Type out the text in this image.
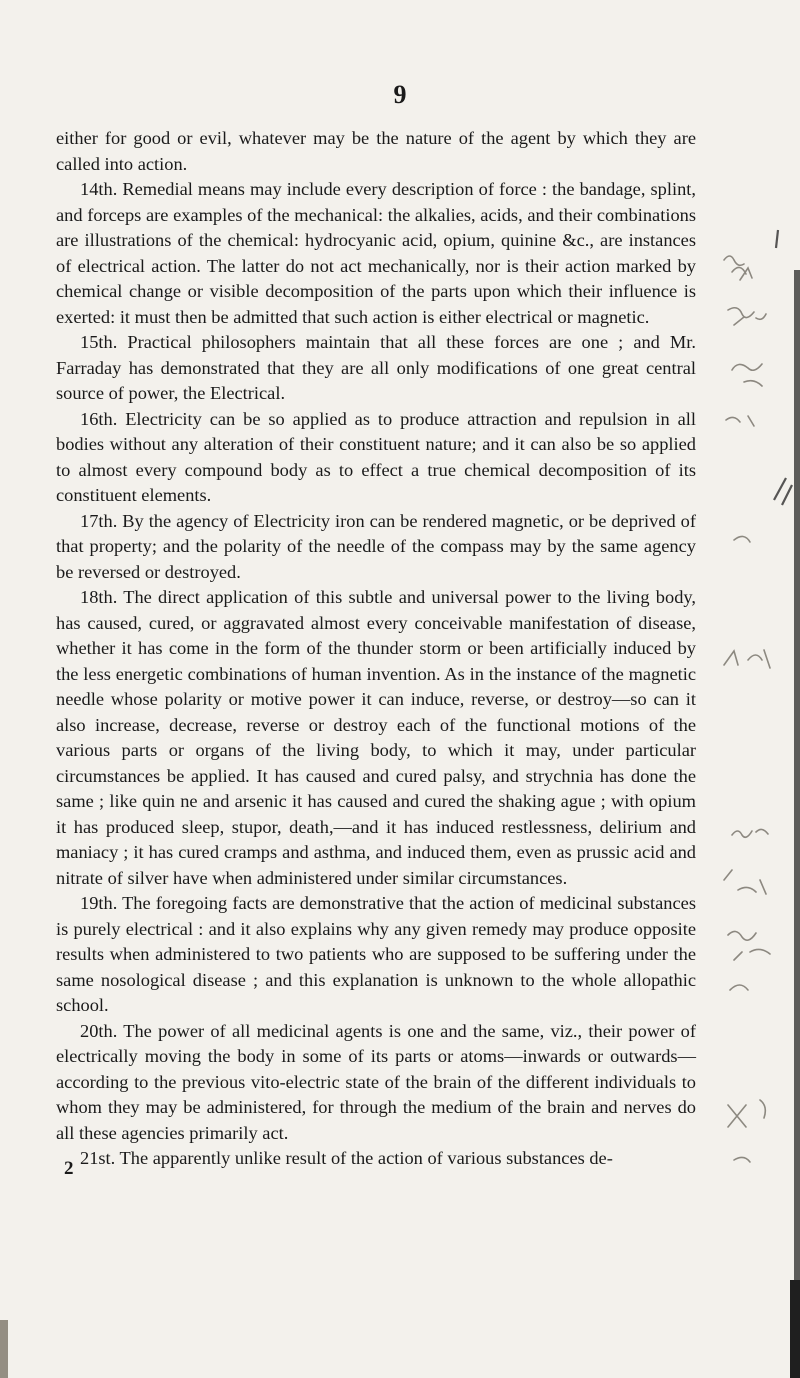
9

either for good or evil, whatever may be the nature of the agent by which they are called into action.

14th. Remedial means may include every description of force : the bandage, splint, and forceps are examples of the mechanical: the alkalies, acids, and their combinations are illustrations of the chemical: hydrocyanic acid, opium, quinine &c., are instances of electrical action. The latter do not act mechanically, nor is their action marked by chemical change or visible decomposition of the parts upon which their influence is exerted: it must then be admitted that such action is either electrical or magnetic.

15th. Practical philosophers maintain that all these forces are one ; and Mr. Farraday has demonstrated that they are all only modifications of one great central source of power, the Electrical.

16th. Electricity can be so applied as to produce attraction and repulsion in all bodies without any alteration of their constituent nature; and it can also be so applied to almost every compound body as to effect a true chemical decomposition of its constituent elements.

17th. By the agency of Electricity iron can be rendered magnetic, or be deprived of that property; and the polarity of the needle of the compass may by the same agency be reversed or destroyed.

18th. The direct application of this subtle and universal power to the living body, has caused, cured, or aggravated almost every conceivable manifestation of disease, whether it has come in the form of the thunder storm or been artificially induced by the less energetic combinations of human invention. As in the instance of the magnetic needle whose polarity or motive power it can induce, reverse, or destroy—so can it also increase, decrease, reverse or destroy each of the functional motions of the various parts or organs of the living body, to which it may, under particular circumstances be applied. It has caused and cured palsy, and strychnia has done the same ; like quin ne and arsenic it has caused and cured the shaking ague ; with opium it has produced sleep, stupor, death,—and it has induced restlessness, delirium and maniacy ; it has cured cramps and asthma, and induced them, even as prussic acid and nitrate of silver have when administered under similar circumstances.

19th. The foregoing facts are demonstrative that the action of medicinal substances is purely electrical : and it also explains why any given remedy may produce opposite results when administered to two patients who are supposed to be suffering under the same nosological disease ; and this explanation is unknown to the whole allopathic school.

20th. The power of all medicinal agents is one and the same, viz., their power of electrically moving the body in some of its parts or atoms—inwards or outwards—according to the previous vito-electric state of the brain of the different individuals to whom they may be administered, for through the medium of the brain and nerves do all these agencies primarily act.

21st. The apparently unlike result of the action of various substances de-

2
